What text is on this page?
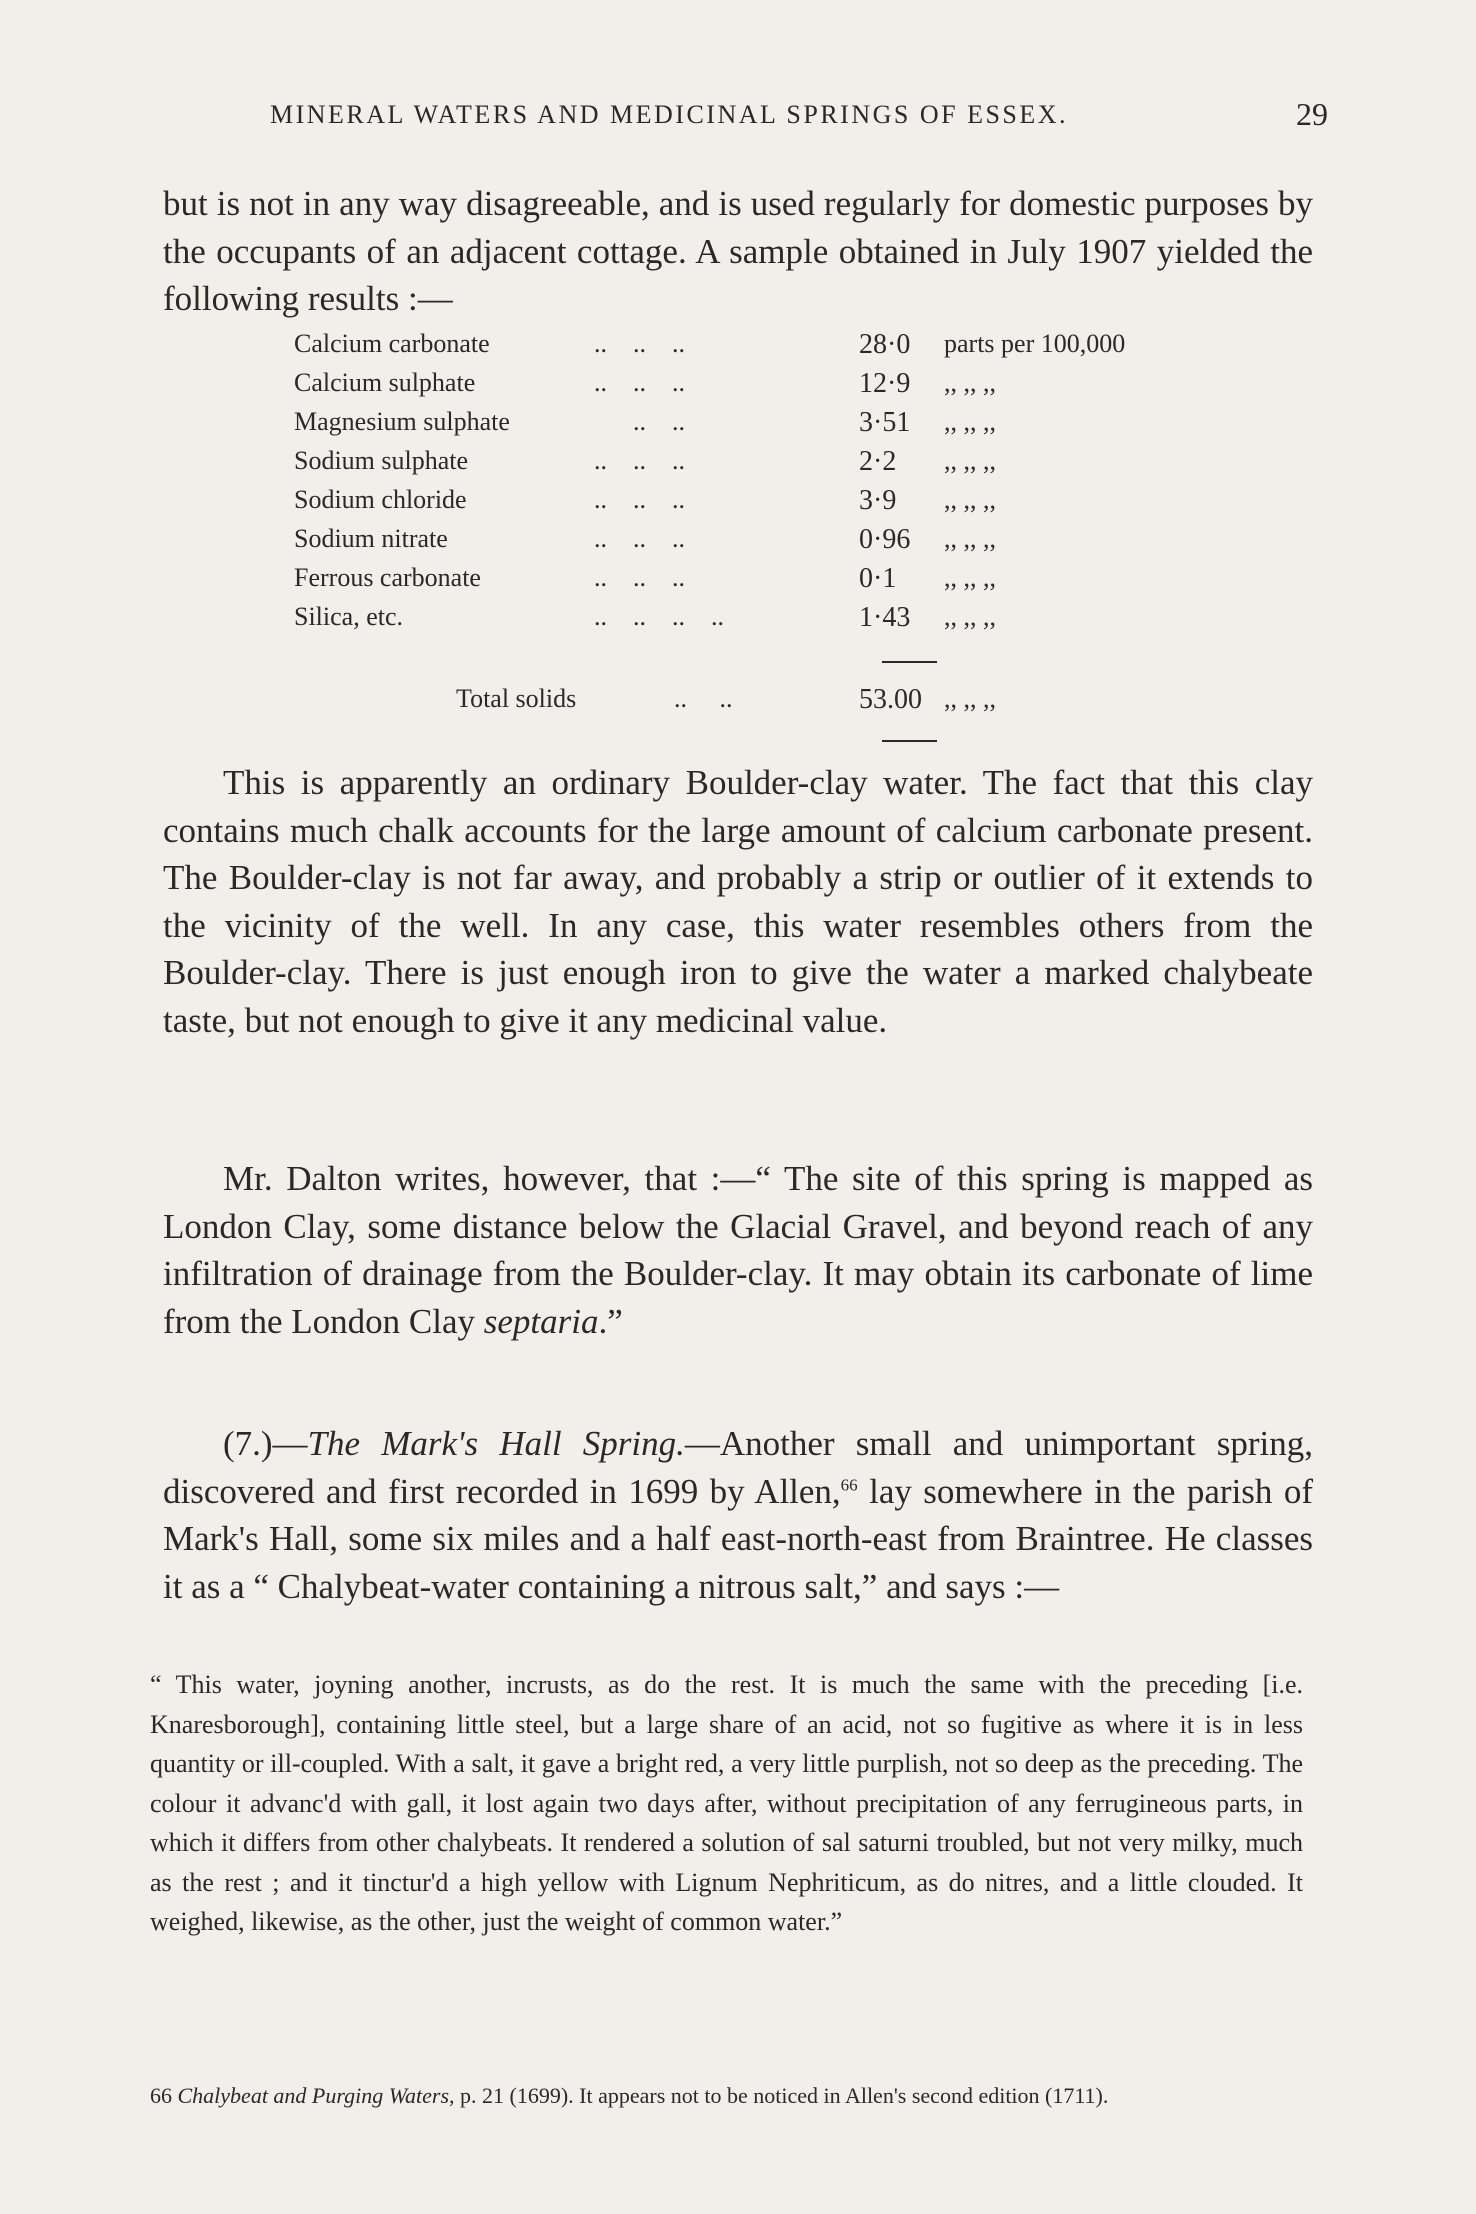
MINERAL WATERS AND MEDICINAL SPRINGS OF ESSEX.	29

but is not in any way disagreeable, and is used regularly for domestic purposes by the occupants of an adjacent cottage. A sample obtained in July 1907 yielded the following results :—

Calcium carbonate	..    ..    ..	28·0 parts per 100,000
Calcium sulphate	..    ..    ..	12·9 ,, ,, ,,
Magnesium sulphate	..    ..	3·51 ,, ,, ,,
Sodium sulphate	..    ..    ..	2·2 ,, ,, ,,
Sodium chloride	..    ..    ..	3·9 ,, ,, ,,
Sodium nitrate	..    ..    ..	0·96 ,, ,, ,,
Ferrous carbonate	..    ..    ..	0·1 ,, ,, ,,
Silica, etc.	..    ..    ..    ..	1·43 ,, ,, ,,
Total solids	..     ..	53.00 ,, ,, ,,

This is apparently an ordinary Boulder-clay water. The fact that this clay contains much chalk accounts for the large amount of calcium carbonate present. The Boulder-clay is not far away, and probably a strip or outlier of it extends to the vicinity of the well. In any case, this water resembles others from the Boulder-clay. There is just enough iron to give the water a marked chalybeate taste, but not enough to give it any medicinal value.

Mr. Dalton writes, however, that :—“ The site of this spring is mapped as London Clay, some distance below the Glacial Gravel, and beyond reach of any infiltration of drainage from the Boulder-clay. It may obtain its carbonate of lime from the London Clay septaria.”

(7.)—The Mark's Hall Spring.—Another small and unimportant spring, discovered and first recorded in 1699 by Allen,$^{66}$ lay somewhere in the parish of Mark's Hall, some six miles and a half east-north-east from Braintree. He classes it as a “ Chalybeat-water containing a nitrous salt,” and says :—

“ This water, joyning another, incrusts, as do the rest. It is much the same with the preceding [i.e. Knaresborough], containing little steel, but a large share of an acid, not so fugitive as where it is in less quantity or ill-coupled. With a salt, it gave a bright red, a very little purplish, not so deep as the preceding. The colour it advanc'd with gall, it lost again two days after, without precipitation of any ferrugineous parts, in which it differs from other chalybeats. It rendered a solution of sal saturni troubled, but not very milky, much as the rest ; and it tinctur'd a high yellow with Lignum Nephriticum, as do nitres, and a little clouded. It weighed, likewise, as the other, just the weight of common water.”

66 Chalybeat and Purging Waters, p. 21 (1699). It appears not to be noticed in Allen's second edition (1711).
